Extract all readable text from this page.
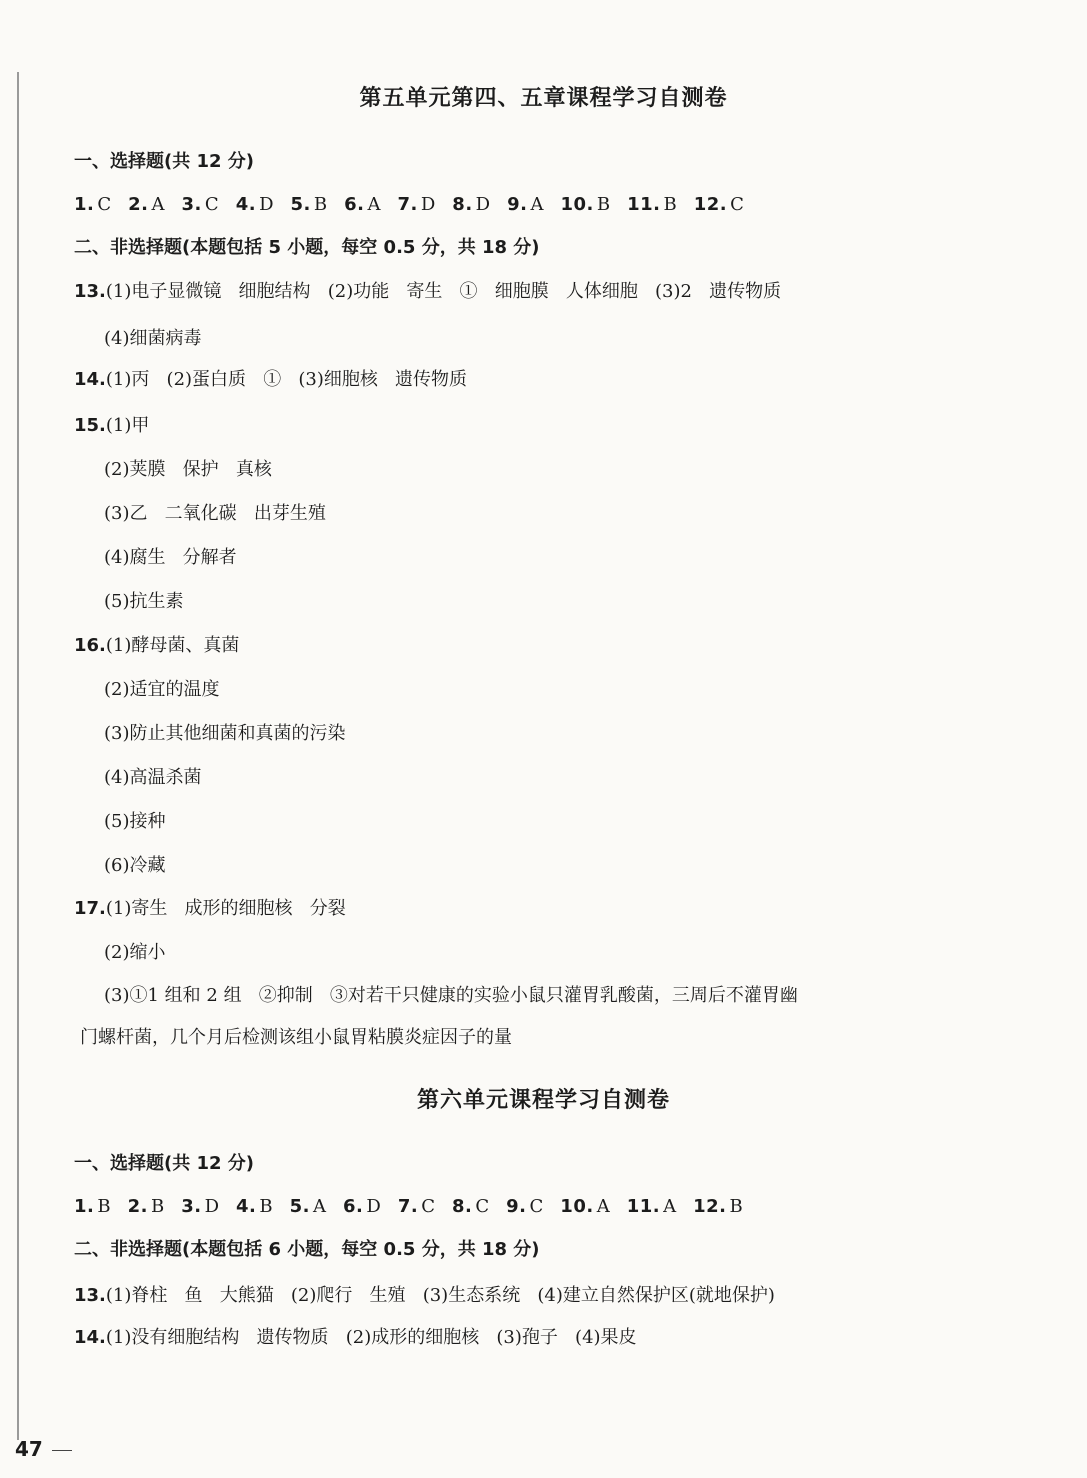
第五单元第四、五章课程学习自测卷
一、选择题(共 12 分)
1. C 2. A 3. C 4. D 5. B 6. A 7. D 8. D 9. A 10. B 11. B 12. C
二、非选择题(本题包括 5 小题，每空 0.5 分，共 18 分)
13.(1)电子显微镜   细胞结构   (2)功能   寄生   ①   细胞膜   人体细胞   (3)2   遗传物质
(4)细菌病毒
14.(1)丙   (2)蛋白质   ①   (3)细胞核   遗传物质
15.(1)甲
(2)荚膜   保护   真核
(3)乙   二氧化碳   出芽生殖
(4)腐生   分解者
(5)抗生素
16.(1)酵母菌、真菌
(2)适宜的温度
(3)防止其他细菌和真菌的污染
(4)高温杀菌
(5)接种
(6)冷藏
17.(1)寄生   成形的细胞核   分裂
(2)缩小
(3)①1 组和 2 组   ②抑制   ③对若干只健康的实验小鼠只灌胃乳酸菌，三周后不灌胃幽
门螺杆菌，几个月后检测该组小鼠胃粘膜炎症因子的量
第六单元课程学习自测卷
一、选择题(共 12 分)
1. B 2. B 3. D 4. B 5. A 6. D 7. C 8. C 9. C 10. A 11. A 12. B
二、非选择题(本题包括 6 小题，每空 0.5 分，共 18 分)
13.(1)脊柱   鱼   大熊猫   (2)爬行   生殖   (3)生态系统   (4)建立自然保护区(就地保护)
14.(1)没有细胞结构   遗传物质   (2)成形的细胞核   (3)孢子   (4)果皮
47
